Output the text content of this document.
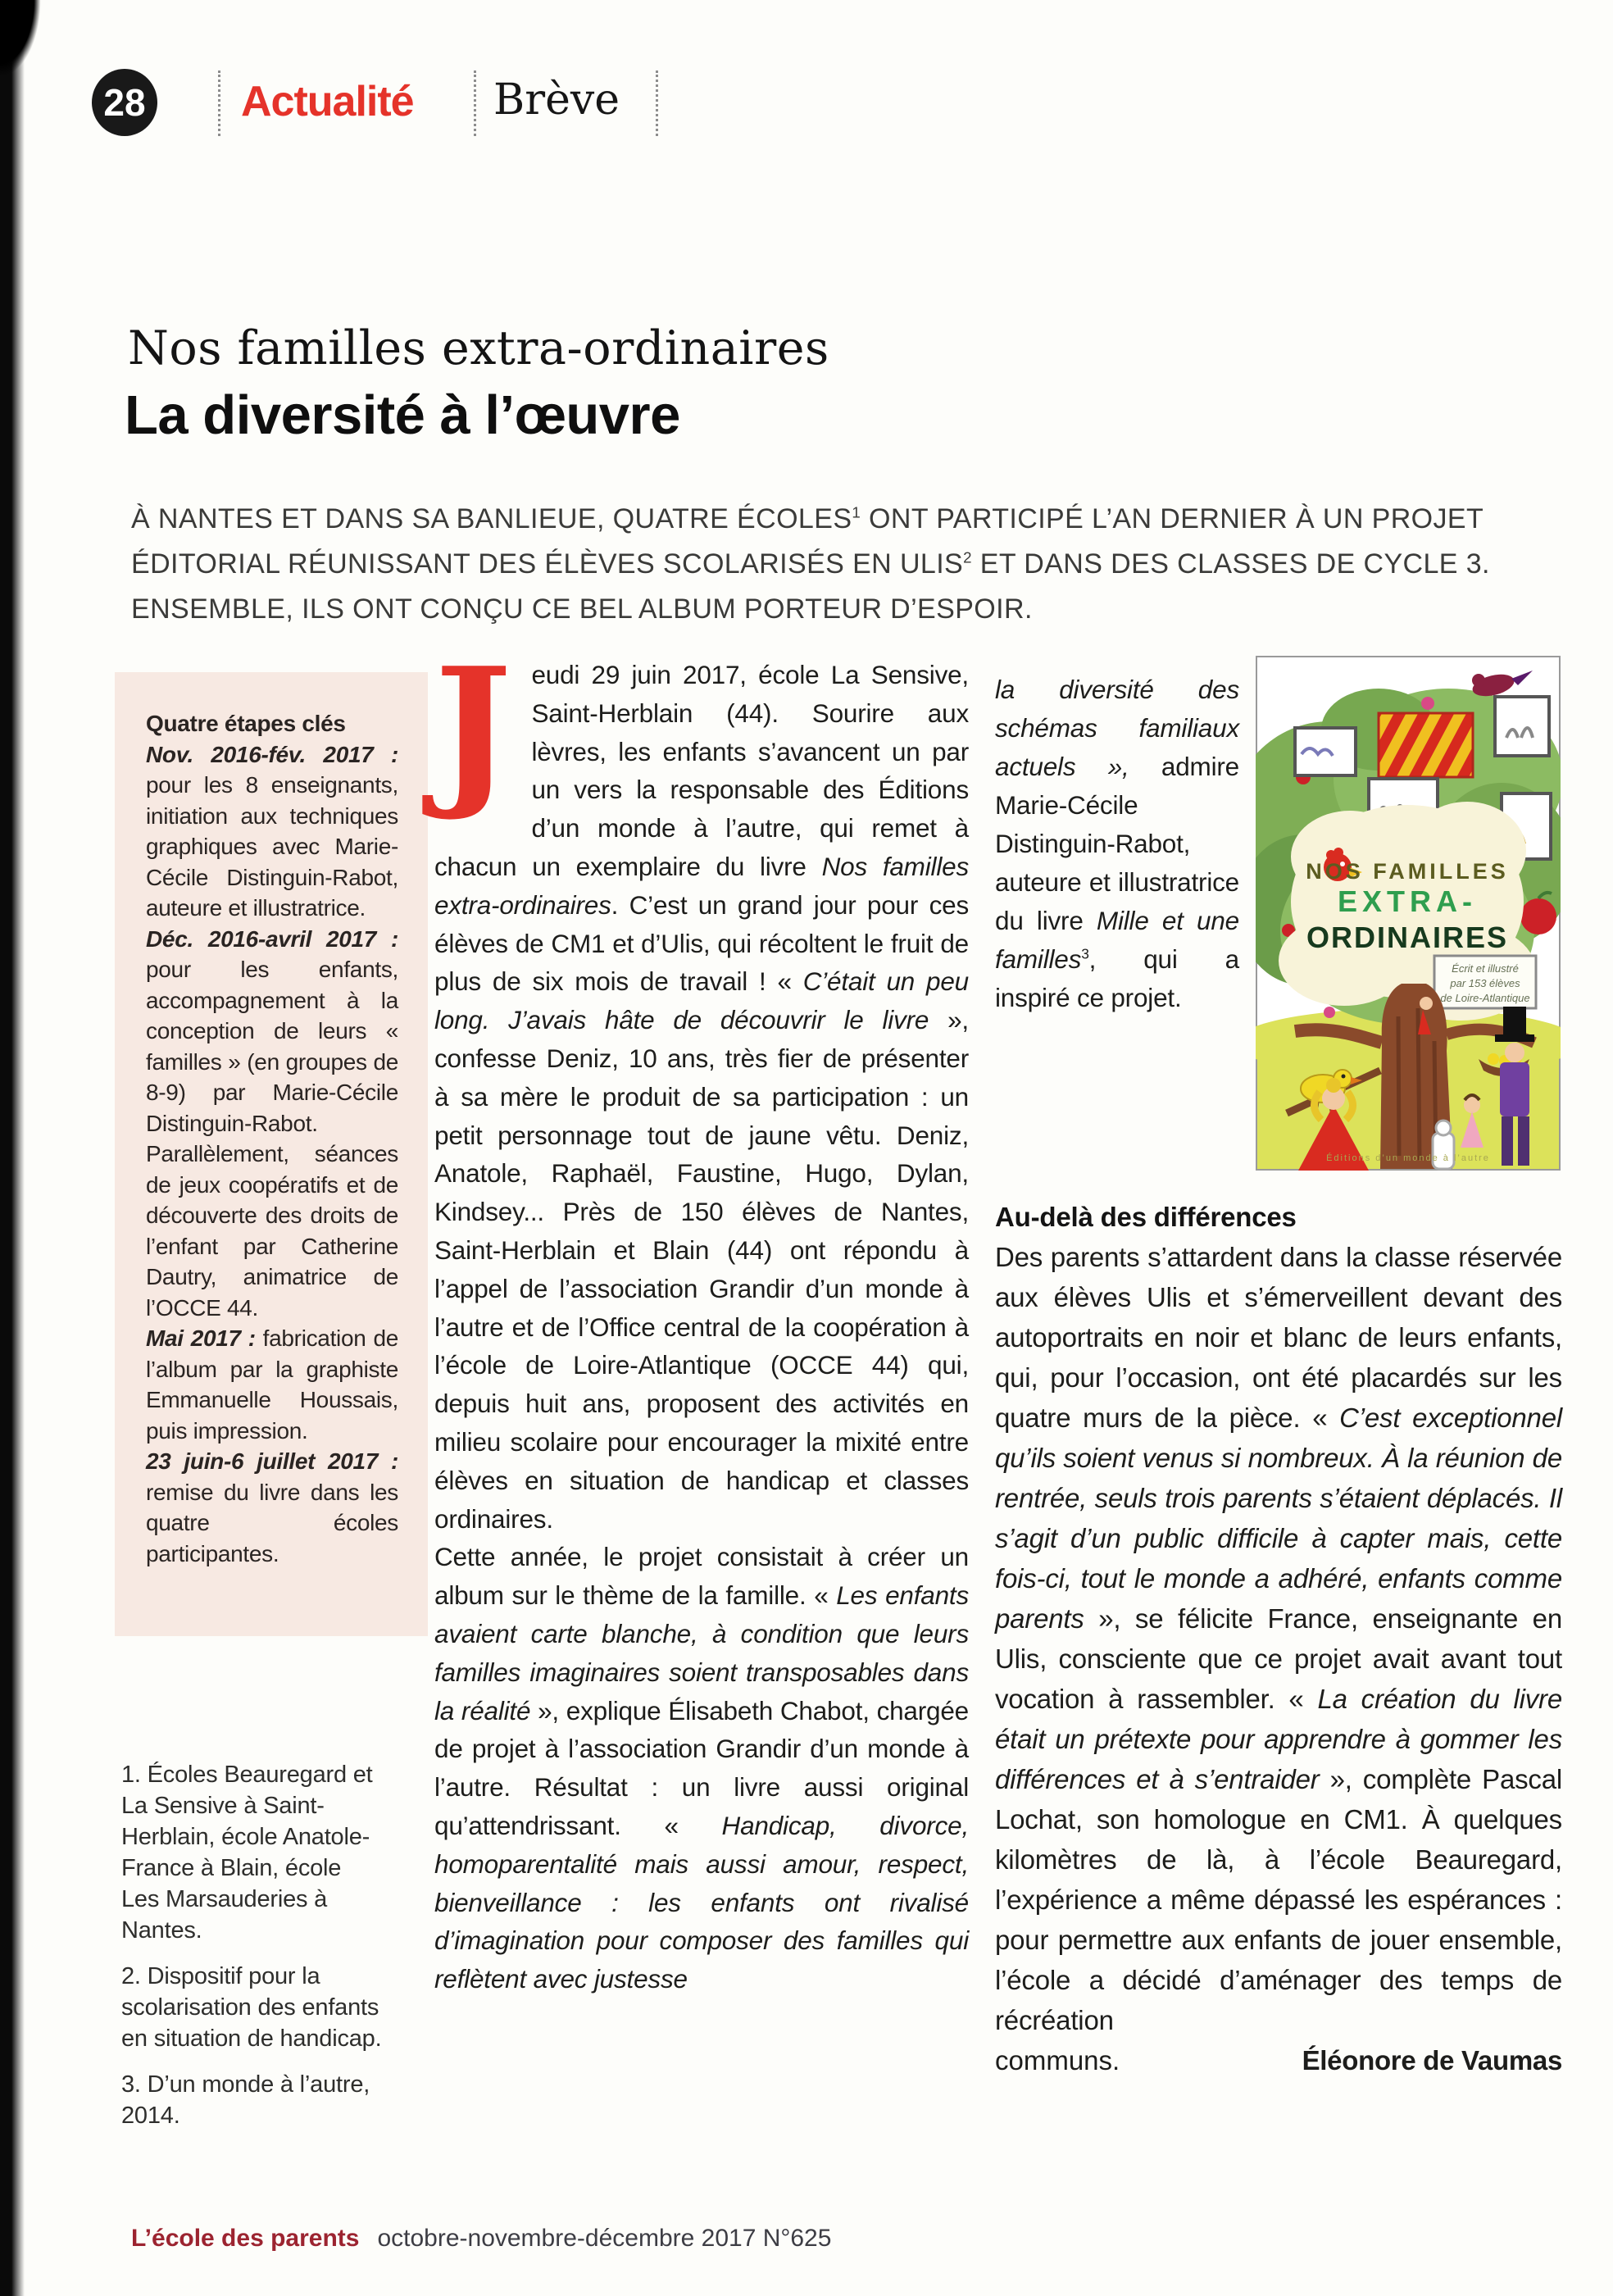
28 Actualité Brève
Nos familles extra-ordinaires
La diversité à l’œuvre
À NANTES ET DANS SA BANLIEUE, QUATRE ÉCOLES$^1$ ONT PARTICIPÉ L’AN DERNIER À UN PROJET ÉDITORIAL RÉUNISSANT DES ÉLÈVES SCOLARISÉS EN ULIS$^2$ ET DANS DES CLASSES DE CYCLE 3. ENSEMBLE, ILS ONT CONÇU CE BEL ALBUM PORTEUR D’ESPOIR.

Quatre étapes clés

Nov. 2016-fév. 2017 : pour les 8 enseignants, initiation aux techniques graphiques avec Marie-Cécile Distinguin-Rabot, auteure et illustratrice.

Déc. 2016-avril 2017 : pour les enfants, accompagnement à la conception de leurs « familles » (en groupes de 8-9) par Marie-Cécile Distinguin-Rabot. Parallèlement, séances de jeux coopératifs et de découverte des droits de l’enfant par Catherine Dautry, animatrice de l’OCCE 44.

Mai 2017 : fabrication de l’album par la graphiste Emmanuelle Houssais, puis impression.

23 juin-6 juillet 2017 : remise du livre dans les quatre écoles participantes.

1. Écoles Beauregard et La Sensive à Saint-Herblain, école Anatole-France à Blain, école Les Marsauderies à Nantes.

2. Dispositif pour la scolarisation des enfants en situation de handicap.

3. D’un monde à l’autre, 2014.

Jeudi 29 juin 2017, école La Sensive, Saint-Herblain (44). Sourire aux lèvres, les enfants s’avancent un par un vers la responsable des Éditions d’un monde à l’autre, qui remet à chacun un exemplaire du livre Nos familles extra-ordinaires. C’est un grand jour pour ces élèves de CM1 et d’Ulis, qui récoltent le fruit de plus de six mois de travail ! « C’était un peu long. J’avais hâte de découvrir le livre », confesse Deniz, 10 ans, très fier de présenter à sa mère le produit de sa participation : un petit personnage tout de jaune vêtu. Deniz, Anatole, Raphaël, Faustine, Hugo, Dylan, Kindsey... Près de 150 élèves de Nantes, Saint-Herblain et Blain (44) ont répondu à l’appel de l’association Grandir d’un monde à l’autre et de l’Office central de la coopération à l’école de Loire-Atlantique (OCCE 44) qui, depuis huit ans, proposent des activités en milieu scolaire pour encourager la mixité entre élèves en situation de handicap et classes ordinaires.

Cette année, le projet consistait à créer un album sur le thème de la famille. « Les enfants avaient carte blanche, à condition que leurs familles imaginaires soient transposables dans la réalité », explique Élisabeth Chabot, chargée de projet à l’association Grandir d’un monde à l’autre. Résultat : un livre aussi original qu’attendrissant. « Handicap, divorce, homoparentalité mais aussi amour, respect, bienveillance : les enfants ont rivalisé d’imagination pour composer des familles qui reflètent avec justesse

la diversité des schémas familiaux actuels », admire Marie-Cécile Distinguin-Rabot, auteure et illustratrice du livre Mille et une familles$^3$, qui a inspiré ce projet.

NOS FAMILLES
EXTRA-
ORDINAIRES
Écrit et illustré
par 153 élèves
de Loire-Atlantique
Éditions d’un monde à l’autre

Au-delà des différences

Des parents s’attardent dans la classe réservée aux élèves Ulis et s’émerveillent devant des autoportraits en noir et blanc de leurs enfants, qui, pour l’occasion, ont été placardés sur les quatre murs de la pièce. « C’est exceptionnel qu’ils soient venus si nombreux. À la réunion de rentrée, seuls trois parents s’étaient déplacés. Il s’agit d’un public difficile à capter mais, cette fois-ci, tout le monde a adhéré, enfants comme parents », se félicite France, enseignante en Ulis, consciente que ce projet avait avant tout vocation à rassembler. « La création du livre était un prétexte pour apprendre à gommer les différences et à s’entraider », complète Pascal Lochat, son homologue en CM1. À quelques kilomètres de là, à l’école Beauregard, l’expérience a même dépassé les espérances : pour permettre aux enfants de jouer ensemble, l’école a décidé d’aménager des temps de récréation

communs.	Éléonore de Vaumas
L’école des parents octobre-novembre-décembre 2017 N°625
